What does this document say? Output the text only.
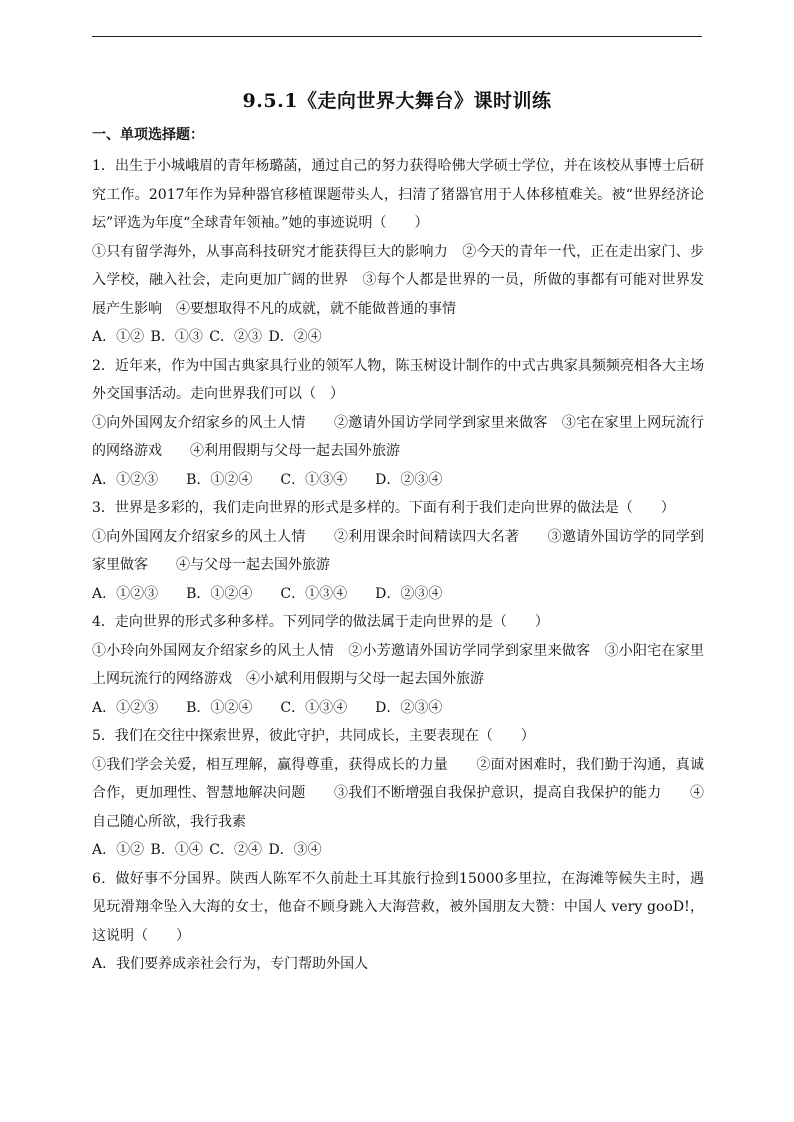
9.5.1《走向世界大舞台》课时训练
一、单项选择题：

1．出生于小城峨眉的青年杨璐菡，通过自己的努力获得哈佛大学硕士学位，并在该校从事博士后研究工作。2017年作为异种器官移植课题带头人，扫清了猪器官用于人体移植难关。被“世界经济论坛”评选为年度“全球青年领袖。”她的事迹说明（　　）

①只有留学海外，从事高科技研究才能获得巨大的影响力　②今天的青年一代，正在走出家门、步入学校，融入社会，走向更加广阔的世界　③每个人都是世界的一员，所做的事都有可能对世界发展产生影响　④要想取得不凡的成就，就不能做普通的事情

A．①② B．①③ C．②③ D．②④

2．近年来，作为中国古典家具行业的领军人物，陈玉树设计制作的中式古典家具频频亮相各大主场外交国事活动。走向世界我们可以（　）

①向外国网友介绍家乡的风土人情　　②邀请外国访学同学到家里来做客　③宅在家里上网玩流行的网络游戏　　④利用假期与父母一起去国外旅游

A．①②③　　B．①②④　　C．①③④　　D．②③④

3．世界是多彩的，我们走向世界的形式是多样的。下面有利于我们走向世界的做法是（　　）

①向外国网友介绍家乡的风土人情　　②利用课余时间精读四大名著　　③邀请外国访学的同学到家里做客　　④与父母一起去国外旅游

A．①②③　　B．①②④　　C．①③④　　D．②③④

4．走向世界的形式多种多样。下列同学的做法属于走向世界的是（　　）

①小玲向外国网友介绍家乡的风土人情　②小芳邀请外国访学同学到家里来做客　③小阳宅在家里上网玩流行的网络游戏　④小斌利用假期与父母一起去国外旅游

A．①②③　　B．①②④　　C．①③④　　D．②③④

5．我们在交往中探索世界，彼此守护，共同成长，主要表现在（　　）

①我们学会关爱，相互理解，赢得尊重，获得成长的力量　　②面对困难时，我们勤于沟通，真诚合作，更加理性、智慧地解决问题　　③我们不断增强自我保护意识，提高自我保护的能力　　④自己随心所欲，我行我素

A．①② B．①④ C．②④ D．③④

6．做好事不分国界。陕西人陈军不久前赴土耳其旅行捡到15000多里拉，在海滩等候失主时，遇见玩滑翔伞坠入大海的女士，他奋不顾身跳入大海营救，被外国朋友大赞：中国人 very gooD!，这说明（　　）

A．我们要养成亲社会行为，专门帮助外国人
